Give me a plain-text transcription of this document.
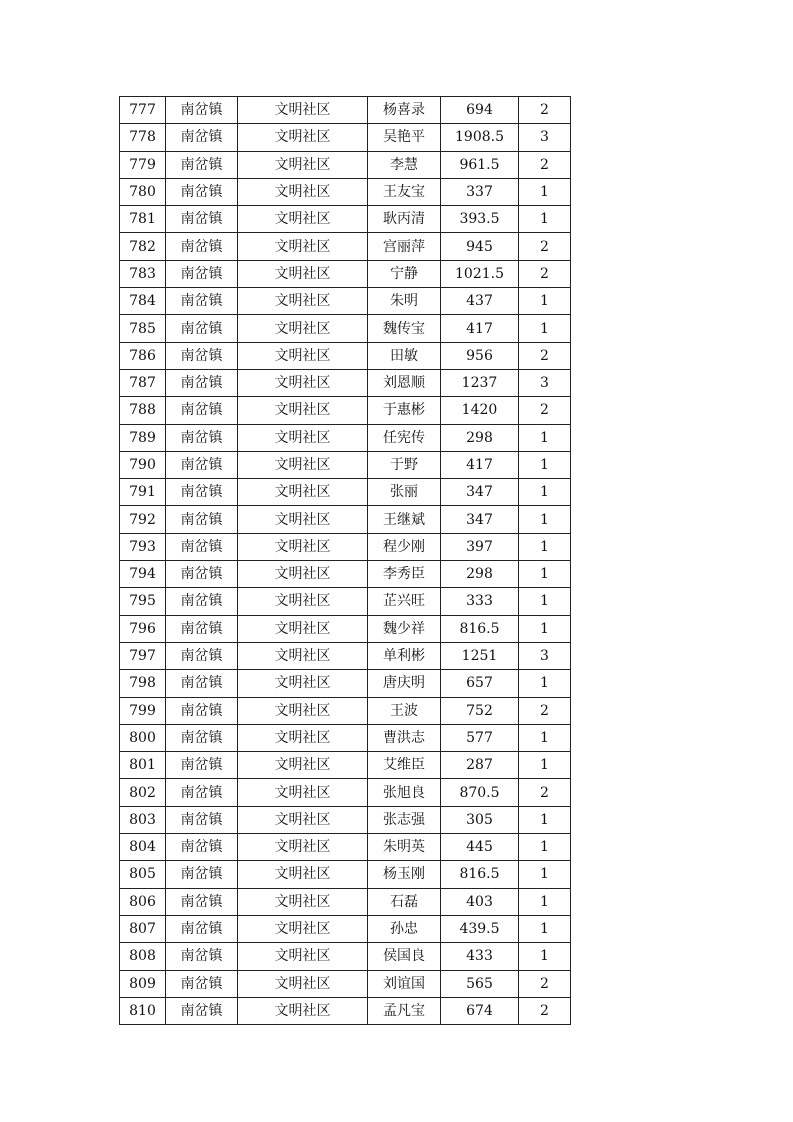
777	南岔镇	文明社区	杨喜录	694	2
778	南岔镇	文明社区	吴艳平	1908.5	3
779	南岔镇	文明社区	李慧	961.5	2
780	南岔镇	文明社区	王友宝	337	1
781	南岔镇	文明社区	耿丙清	393.5	1
782	南岔镇	文明社区	宫丽萍	945	2
783	南岔镇	文明社区	宁静	1021.5	2
784	南岔镇	文明社区	朱明	437	1
785	南岔镇	文明社区	魏传宝	417	1
786	南岔镇	文明社区	田敏	956	2
787	南岔镇	文明社区	刘恩顺	1237	3
788	南岔镇	文明社区	于惠彬	1420	2
789	南岔镇	文明社区	任宪传	298	1
790	南岔镇	文明社区	于野	417	1
791	南岔镇	文明社区	张丽	347	1
792	南岔镇	文明社区	王继斌	347	1
793	南岔镇	文明社区	程少刚	397	1
794	南岔镇	文明社区	李秀臣	298	1
795	南岔镇	文明社区	芷兴旺	333	1
796	南岔镇	文明社区	魏少祥	816.5	1
797	南岔镇	文明社区	单利彬	1251	3
798	南岔镇	文明社区	唐庆明	657	1
799	南岔镇	文明社区	王波	752	2
800	南岔镇	文明社区	曹洪志	577	1
801	南岔镇	文明社区	艾维臣	287	1
802	南岔镇	文明社区	张旭良	870.5	2
803	南岔镇	文明社区	张志强	305	1
804	南岔镇	文明社区	朱明英	445	1
805	南岔镇	文明社区	杨玉刚	816.5	1
806	南岔镇	文明社区	石磊	403	1
807	南岔镇	文明社区	孙忠	439.5	1
808	南岔镇	文明社区	侯国良	433	1
809	南岔镇	文明社区	刘谊国	565	2
810	南岔镇	文明社区	孟凡宝	674	2
